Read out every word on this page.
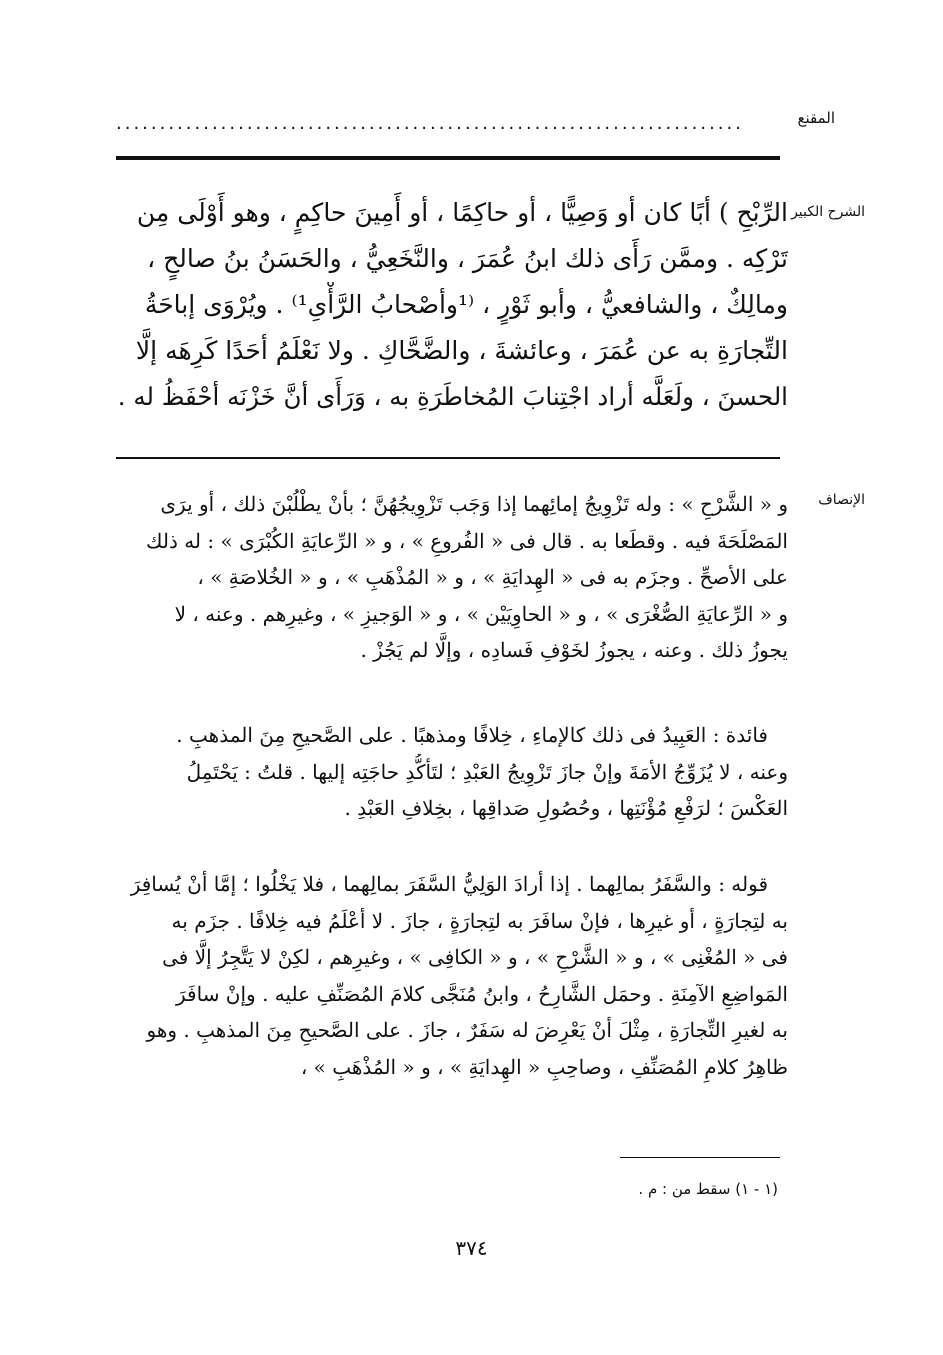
المقنع
........................................................................
الشرح الكبير
الرِّبْحِ ) أبًا كان أو وَصِيًّا ، أو حاكِمًا ، أو أَمِينَ حاكِمٍ ، وهو أَوْلَى مِن
تَرْكِه . وممَّن رَأَى ذلك ابنُ عُمَرَ ، والنَّخَعِيُّ ، والحَسَنُ بنُ صالحٍ ،
ومالِكٌ ، والشافعيُّ ، وأبو ثَوْرٍ ، ⁽¹وأصْحابُ الرَّأْىِ¹⁾ . ويُرْوَى إباحَةُ
التِّجارَةِ به عن عُمَرَ ، وعائشةَ ، والضَّحَّاكِ . ولا نَعْلَمُ أحَدًا كَرِهَه إلَّا
الحسنَ ، ولَعَلَّه أراد اجْتِنابَ المُخاطَرَةِ به ، وَرَأَى أنَّ خَزْنَه أحْفَظُ له .
الإنصاف
و « الشَّرْحِ » : وله تَزْوِيجُ إمائِهما إذا وَجَب تَزْوِيجُهُنَّ ؛ بأنْ يطْلُبْنَ ذلك ، أو يرَى
المَصْلَحَةَ فيه . وقطَعا به . قال فى « الفُروعِ » ، و « الرِّعايَةِ الكُبْرَى » : له ذلك
على الأصحِّ . وجزَم به فى « الهِدايَةِ » ، و « المُذْهَبِ » ، و « الخُلاصَةِ » ،
و « الرِّعايَةِ الصُّغْرَى » ، و « الحاوِيَيْن » ، و « الوَجيزِ » ، وغيرِهم . وعنه ، لا
يجوزُ ذلك . وعنه ، يجوزُ لخَوْفِ فَسادِه ، وإلَّا لم يَجُزْ .
فائدة : العَبِيدُ فى ذلك كالإماءِ ، خِلافًا ومذهبًا . على الصَّحيحِ مِنَ المذهبِ .
وعنه ، لا يُزَوِّجُ الأمَةَ وإنْ جازَ تَزْوِيجُ العَبْدِ ؛ لتَأكُّدِ حاجَتِه إليها . قلتُ : يَحْتَمِلُ
العَكْسَ ؛ لرَفْعِ مُؤْنَتِها ، وحُصُولِ صَداقِها ، بخِلافِ العَبْدِ .
قوله : والسَّفَرُ بمالِهما . إذا أرادَ الوَلِيُّ السَّفَرَ بمالِهما ، فلا يَخْلُوا ؛ إمَّا أنْ يُسافِرَ
به لتِجارَةٍ ، أو غيرِها ، فإنْ سافَرَ به لتِجارَةٍ ، جازَ . لا أعْلَمُ فيه خِلافًا . جزَم به
فى « المُغْنِى » ، و « الشَّرْحِ » ، و « الكافِى » ، وغيرِهم ، لكِنْ لا يَتَّجِرُ إلَّا فى
المَواضِعِ الآمِنَةِ . وحمَل الشَّارِحُ ، وابنُ مُنَجَّى كلامَ المُصَنِّفِ عليه . وإنْ سافَرَ
به لغيرِ التِّجارَةِ ، مِثْلَ أنْ يَعْرِضَ له سَفَرٌ ، جازَ . على الصَّحيحِ مِنَ المذهبِ . وهو
ظاهِرُ كلامِ المُصَنِّفِ ، وصاحِبِ « الهِدايَةِ » ، و « المُذْهَبِ » ،
(١ - ١) سقط من : م .
٣٧٤
